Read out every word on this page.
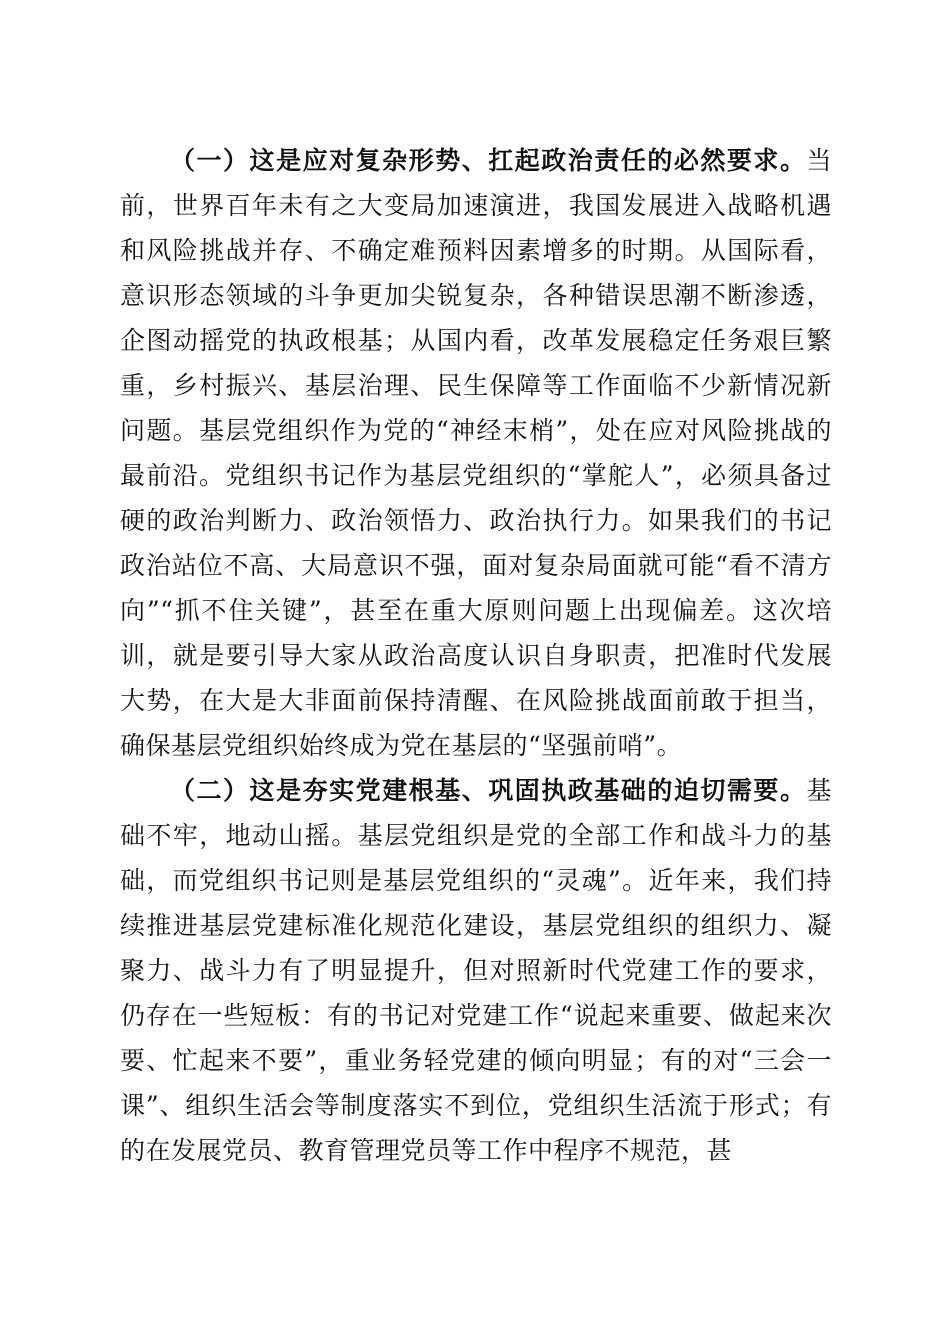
（一）这是应对复杂形势、扛起政治责任的必然要求。当前，世界百年未有之大变局加速演进，我国发展进入战略机遇和风险挑战并存、不确定难预料因素增多的时期。从国际看，意识形态领域的斗争更加尖锐复杂，各种错误思潮不断渗透，企图动摇党的执政根基；从国内看，改革发展稳定任务艰巨繁重，乡村振兴、基层治理、民生保障等工作面临不少新情况新问题。基层党组织作为党的“神经末梢”，处在应对风险挑战的最前沿。党组织书记作为基层党组织的“掌舵人”，必须具备过硬的政治判断力、政治领悟力、政治执行力。如果我们的书记政治站位不高、大局意识不强，面对复杂局面就可能“看不清方向”“抓不住关键”，甚至在重大原则问题上出现偏差。这次培训，就是要引导大家从政治高度认识自身职责，把准时代发展大势，在大是大非面前保持清醒、在风险挑战面前敢于担当，确保基层党组织始终成为党在基层的“坚强前哨”。

（二）这是夯实党建根基、巩固执政基础的迫切需要。基础不牢，地动山摇。基层党组织是党的全部工作和战斗力的基础，而党组织书记则是基层党组织的“灵魂”。近年来，我们持续推进基层党建标准化规范化建设，基层党组织的组织力、凝聚力、战斗力有了明显提升，但对照新时代党建工作的要求，仍存在一些短板：有的书记对党建工作“说起来重要、做起来次要、忙起来不要”，重业务轻党建的倾向明显；有的对“三会一课”、组织生活会等制度落实不到位，党组织生活流于形式；有的在发展党员、教育管理党员等工作中程序不规范，甚
